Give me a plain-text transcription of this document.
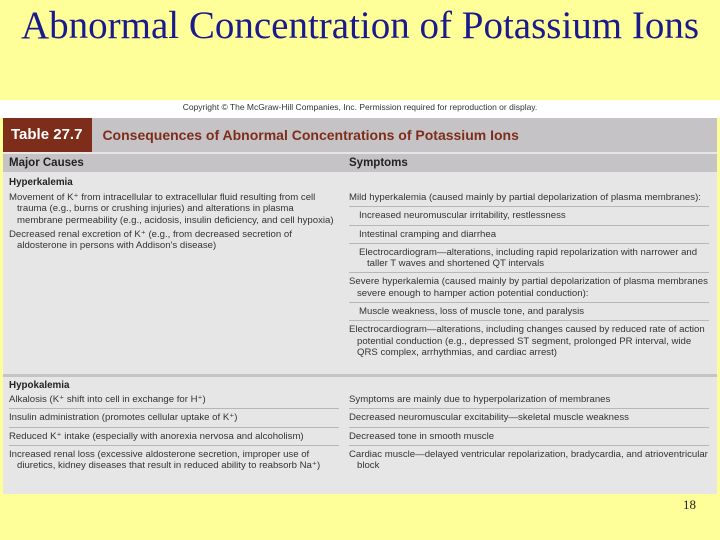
Abnormal Concentration of Potassium Ions
Copyright © The McGraw-Hill Companies, Inc. Permission required for reproduction or display.
Table 27.7	Consequences of Abnormal Concentrations of Potassium Ions
Major Causes	Symptoms
Hyperkalemia
Movement of K⁺ from intracellular to extracellular fluid resulting from cell trauma (e.g., burns or crushing injuries) and alterations in plasma membrane permeability (e.g., acidosis, insulin deficiency, and cell hypoxia)
Decreased renal excretion of K⁺ (e.g., from decreased secretion of aldosterone in persons with Addison's disease)
Mild hyperkalemia (caused mainly by partial depolarization of plasma membranes):
Increased neuromuscular irritability, restlessness
Intestinal cramping and diarrhea
Electrocardiogram—alterations, including rapid repolarization with narrower and taller T waves and shortened QT intervals
Severe hyperkalemia (caused mainly by partial depolarization of plasma membranes severe enough to hamper action potential conduction):
Muscle weakness, loss of muscle tone, and paralysis
Electrocardiogram—alterations, including changes caused by reduced rate of action potential conduction (e.g., depressed ST segment, prolonged PR interval, wide QRS complex, arrhythmias, and cardiac arrest)
Hypokalemia
Alkalosis (K⁺ shift into cell in exchange for H⁺)
Insulin administration (promotes cellular uptake of K⁺)
Reduced K⁺ intake (especially with anorexia nervosa and alcoholism)
Increased renal loss (excessive aldosterone secretion, improper use of diuretics, kidney diseases that result in reduced ability to reabsorb Na⁺)
Symptoms are mainly due to hyperpolarization of membranes
Decreased neuromuscular excitability—skeletal muscle weakness
Decreased tone in smooth muscle
Cardiac muscle—delayed ventricular repolarization, bradycardia, and atrioventricular block
18
